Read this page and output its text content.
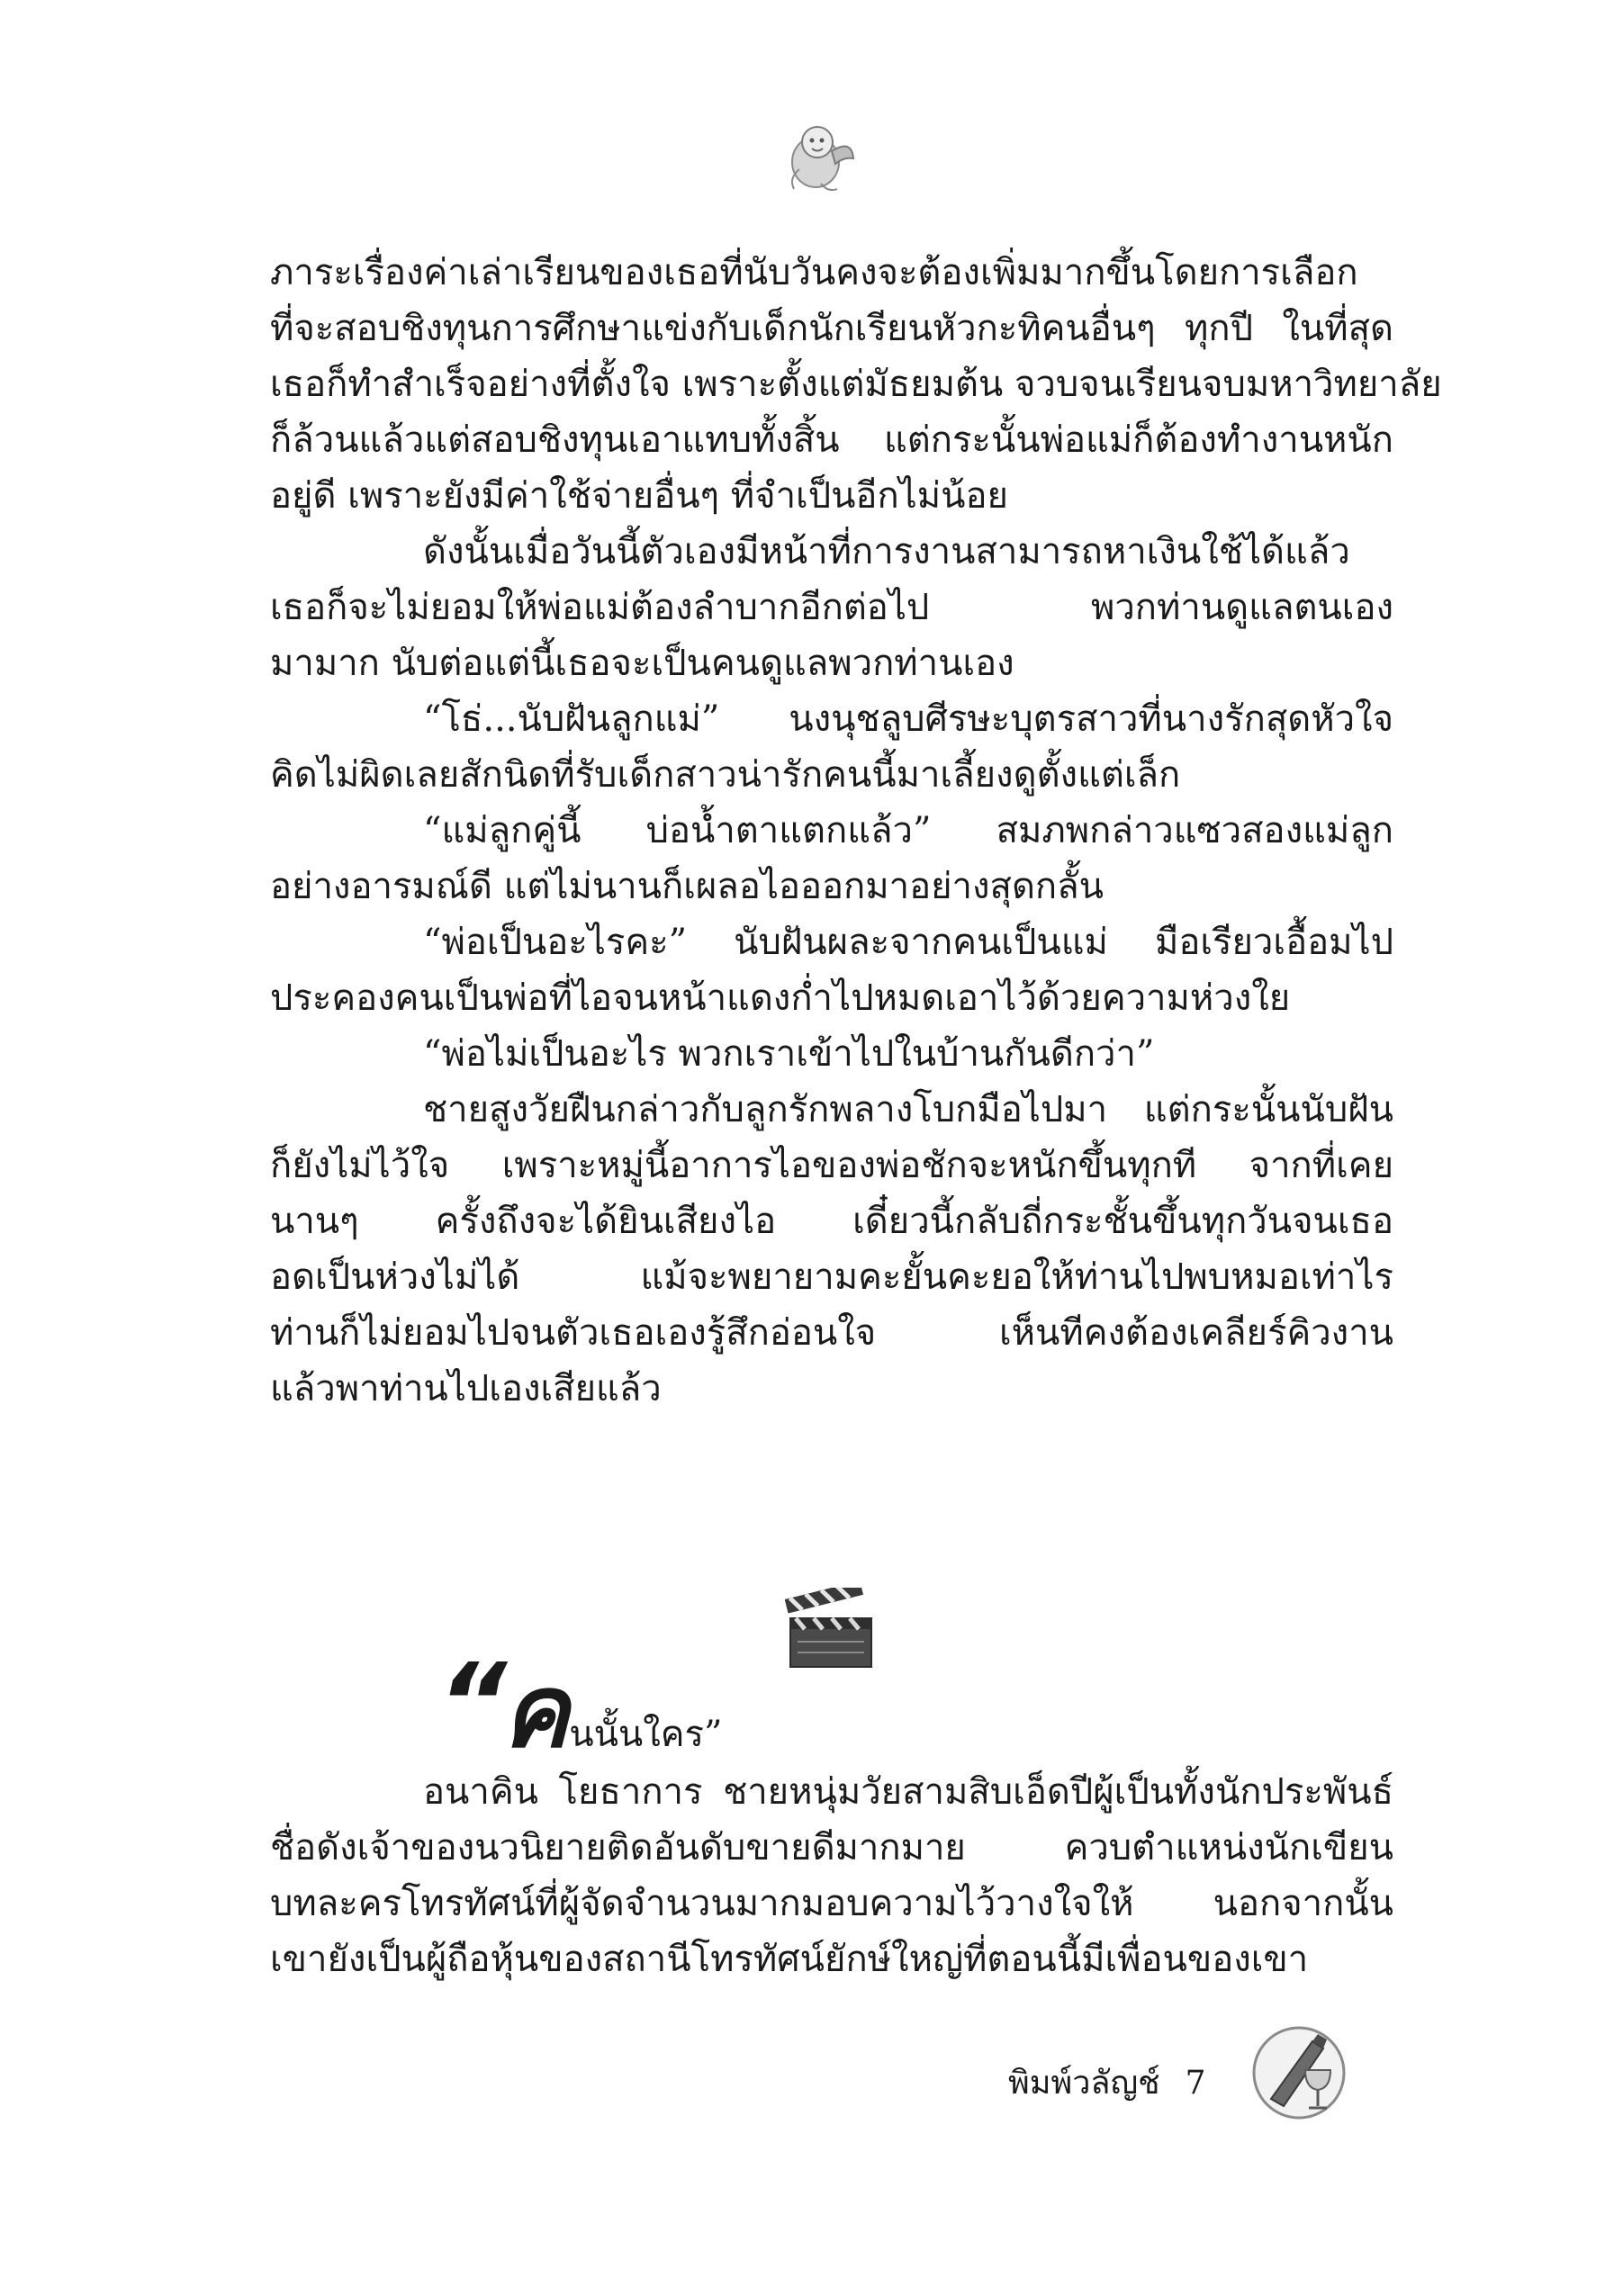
ภาระเรื่องค่าเล่าเรียนของเธอที่นับวันคงจะต้องเพิ่มมากขึ้นโดยการเลือก
ที่จะสอบชิงทุนการศึกษาแข่งกับเด็กนักเรียนหัวกะทิคนอื่นๆ ทุกปี ในที่สุด
เธอก็ทำสำเร็จอย่างที่ตั้งใจ เพราะตั้งแต่มัธยมต้น จวบจนเรียนจบมหาวิทยาลัย
ก็ล้วนแล้วแต่สอบชิงทุนเอาแทบทั้งสิ้น แต่กระนั้นพ่อแม่ก็ต้องทำงานหนัก
อยู่ดี เพราะยังมีค่าใช้จ่ายอื่นๆ ที่จำเป็นอีกไม่น้อย
ดังนั้นเมื่อวันนี้ตัวเองมีหน้าที่การงานสามารถหาเงินใช้ได้แล้ว
เธอก็จะไม่ยอมให้พ่อแม่ต้องลำบากอีกต่อไป พวกท่านดูแลตนเอง
มามาก นับต่อแต่นี้เธอจะเป็นคนดูแลพวกท่านเอง
“โธ่...นับฝันลูกแม่” นงนุชลูบศีรษะบุตรสาวที่นางรักสุดหัวใจ
คิดไม่ผิดเลยสักนิดที่รับเด็กสาวน่ารักคนนี้มาเลี้ยงดูตั้งแต่เล็ก
“แม่ลูกคู่นี้ บ่อน้ำตาแตกแล้ว” สมภพกล่าวแซวสองแม่ลูก
อย่างอารมณ์ดี แต่ไม่นานก็เผลอไอออกมาอย่างสุดกลั้น
“พ่อเป็นอะไรคะ” นับฝันผละจากคนเป็นแม่ มือเรียวเอื้อมไป
ประคองคนเป็นพ่อที่ไอจนหน้าแดงก่ำไปหมดเอาไว้ด้วยความห่วงใย
“พ่อไม่เป็นอะไร พวกเราเข้าไปในบ้านกันดีกว่า”
ชายสูงวัยฝืนกล่าวกับลูกรักพลางโบกมือไปมา แต่กระนั้นนับฝัน
ก็ยังไม่ไว้ใจ เพราะหมู่นี้อาการไอของพ่อชักจะหนักขึ้นทุกที จากที่เคย
นานๆ ครั้งถึงจะได้ยินเสียงไอ เดี๋ยวนี้กลับถี่กระชั้นขึ้นทุกวันจนเธอ
อดเป็นห่วงไม่ได้ แม้จะพยายามคะยั้นคะยอให้ท่านไปพบหมอเท่าไร
ท่านก็ไม่ยอมไปจนตัวเธอเองรู้สึกอ่อนใจ เห็นทีคงต้องเคลียร์คิวงาน
แล้วพาท่านไปเองเสียแล้ว
“คนนั้นใคร”
อนาคิน โยธาการ ชายหนุ่มวัยสามสิบเอ็ดปีผู้เป็นทั้งนักประพันธ์
ชื่อดังเจ้าของนวนิยายติดอันดับขายดีมากมาย ควบตำแหน่งนักเขียน
บทละครโทรทัศน์ที่ผู้จัดจำนวนมากมอบความไว้วางใจให้ นอกจากนั้น
เขายังเป็นผู้ถือหุ้นของสถานีโทรทัศน์ยักษ์ใหญ่ที่ตอนนี้มีเพื่อนของเขา
พิมพ์วลัญช์ 7
